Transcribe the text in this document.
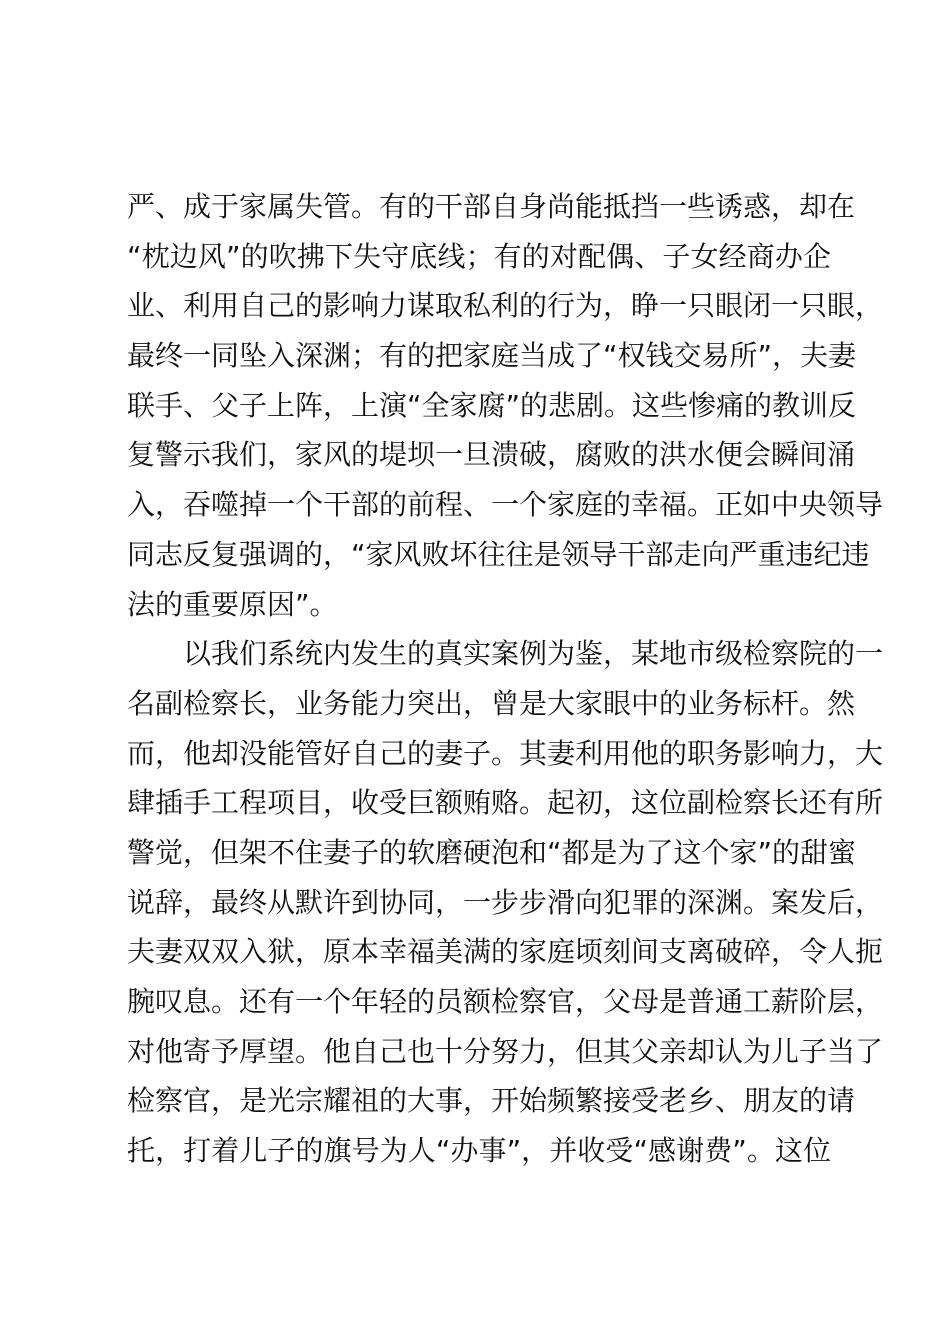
严、成于家属失管。有的干部自身尚能抵挡一些诱惑，却在
“枕边风”的吹拂下失守底线；有的对配偶、子女经商办企
业、利用自己的影响力谋取私利的行为，睁一只眼闭一只眼，
最终一同坠入深渊；有的把家庭当成了“权钱交易所”，夫妻
联手、父子上阵，上演“全家腐”的悲剧。这些惨痛的教训反
复警示我们，家风的堤坝一旦溃破，腐败的洪水便会瞬间涌
入，吞噬掉一个干部的前程、一个家庭的幸福。正如中央领导
同志反复强调的，“家风败坏往往是领导干部走向严重违纪违
法的重要原因”。
以我们系统内发生的真实案例为鉴，某地市级检察院的一
名副检察长，业务能力突出，曾是大家眼中的业务标杆。然
而，他却没能管好自己的妻子。其妻利用他的职务影响力，大
肆插手工程项目，收受巨额贿赂。起初，这位副检察长还有所
警觉，但架不住妻子的软磨硬泡和“都是为了这个家”的甜蜜
说辞，最终从默许到协同，一步步滑向犯罪的深渊。案发后，
夫妻双双入狱，原本幸福美满的家庭顷刻间支离破碎，令人扼
腕叹息。还有一个年轻的员额检察官，父母是普通工薪阶层，
对他寄予厚望。他自己也十分努力，但其父亲却认为儿子当了
检察官，是光宗耀祖的大事，开始频繁接受老乡、朋友的请
托，打着儿子的旗号为人“办事”，并收受“感谢费”。这位
